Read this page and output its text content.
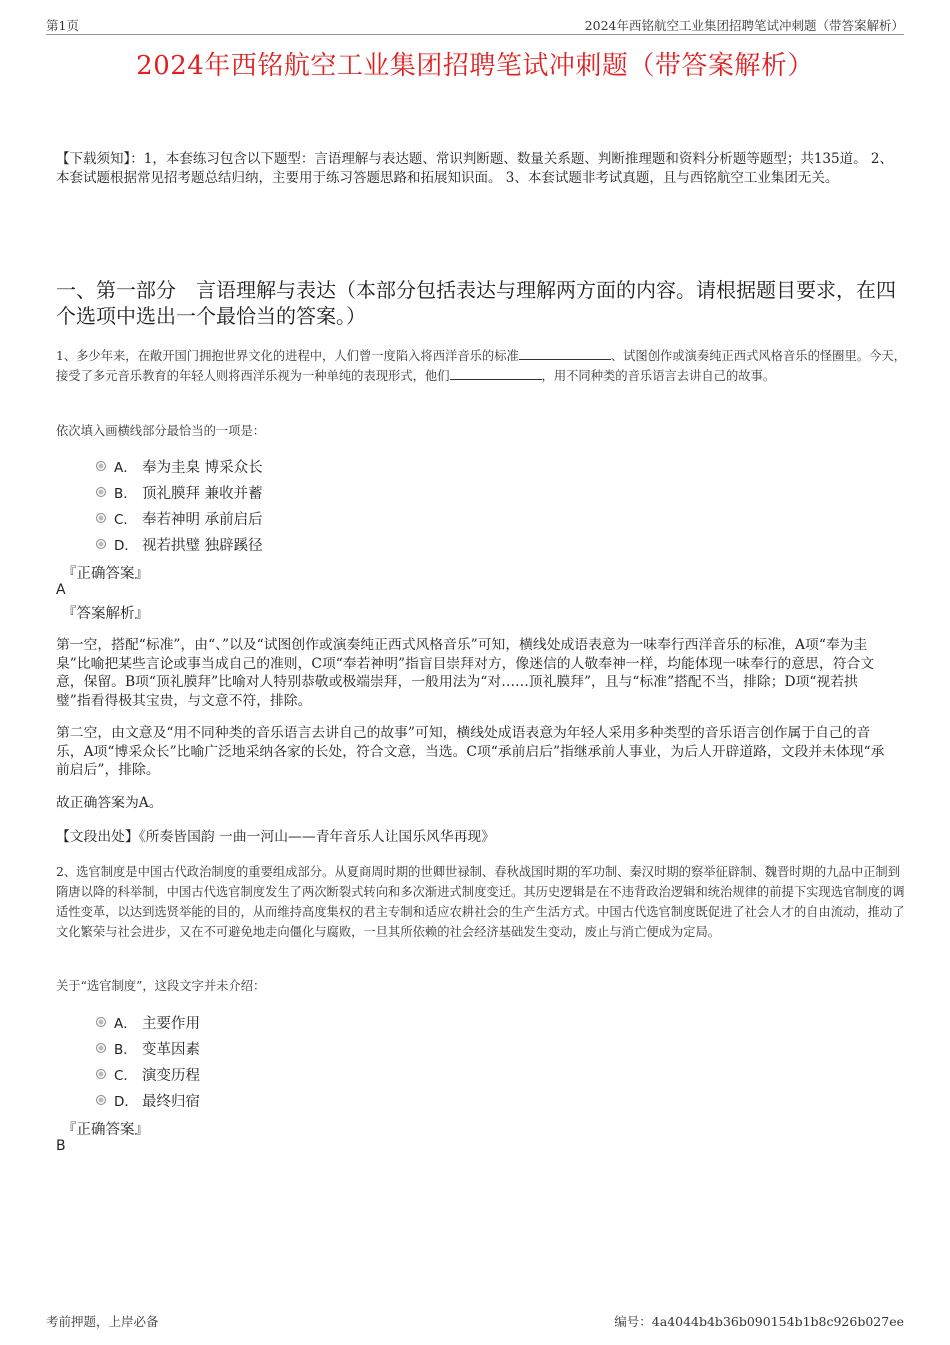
第1页	2024年西铭航空工业集团招聘笔试冲刺题（带答案解析）
2024年西铭航空工业集团招聘笔试冲刺题（带答案解析）
【下载须知】：1，本套练习包含以下题型：言语理解与表达题、常识判断题、数量关系题、判断推理题和资料分析题等题型；共135道。 2、本套试题根据常见招考题总结归纳，主要用于练习答题思路和拓展知识面。 3、本套试题非考试真题，且与西铭航空工业集团无关。
一、第一部分　言语理解与表达（本部分包括表达与理解两方面的内容。请根据题目要求，在四个选项中选出一个最恰当的答案。）
1、多少年来，在敞开国门拥抱世界文化的进程中，人们曾一度陷入将西洋音乐的标准	、试图创作或演奏纯正西式风格音乐的怪圈里。今天，接受了多元音乐教育的年轻人则将西洋乐视为一种单纯的表现形式，他们	，用不同种类的音乐语言去讲自己的故事。
依次填入画横线部分最恰当的一项是：
A． 奉为圭臬 博采众长
B． 顶礼膜拜 兼收并蓄
C． 奉若神明 承前启后
D． 视若拱璧 独辟蹊径
『正确答案』
A
『答案解析』
第一空，搭配“标准”，由“、”以及“试图创作或演奏纯正西式风格音乐”可知，横线处成语表意为一味奉行西洋音乐的标准，A项“奉为圭臬”比喻把某些言论或事当成自己的准则，C项“奉若神明”指盲目崇拜对方，像迷信的人敬奉神一样，均能体现一味奉行的意思，符合文意，保留。B项“顶礼膜拜”比喻对人特别恭敬或极端崇拜，一般用法为“对……顶礼膜拜”，且与“标准”搭配不当，排除；D项“视若拱璧”指看得极其宝贵，与文意不符，排除。
第二空，由文意及“用不同种类的音乐语言去讲自己的故事”可知，横线处成语表意为年轻人采用多种类型的音乐语言创作属于自己的音乐，A项“博采众长”比喻广泛地采纳各家的长处，符合文意，当选。C项“承前启后”指继承前人事业，为后人开辟道路，文段并未体现“承前启后”，排除。
故正确答案为A。
【文段出处】《所奏皆国韵 一曲一河山——青年音乐人让国乐风华再现》
2、选官制度是中国古代政治制度的重要组成部分。从夏商周时期的世卿世禄制、春秋战国时期的军功制、秦汉时期的察举征辟制、魏晋时期的九品中正制到隋唐以降的科举制，中国古代选官制度发生了两次断裂式转向和多次渐进式制度变迁。其历史逻辑是在不违背政治逻辑和统治规律的前提下实现选官制度的调适性变革，以达到选贤举能的目的，从而维持高度集权的君主专制和适应农耕社会的生产生活方式。中国古代选官制度既促进了社会人才的自由流动，推动了文化繁荣与社会进步，又在不可避免地走向僵化与腐败，一旦其所依赖的社会经济基础发生变动，废止与消亡便成为定局。
关于“选官制度”，这段文字并未介绍：
A． 主要作用
B． 变革因素
C． 演变历程
D． 最终归宿
『正确答案』
B
考前押题，上岸必备	编号：4a4044b4b36b090154b1b8c926b027ee
